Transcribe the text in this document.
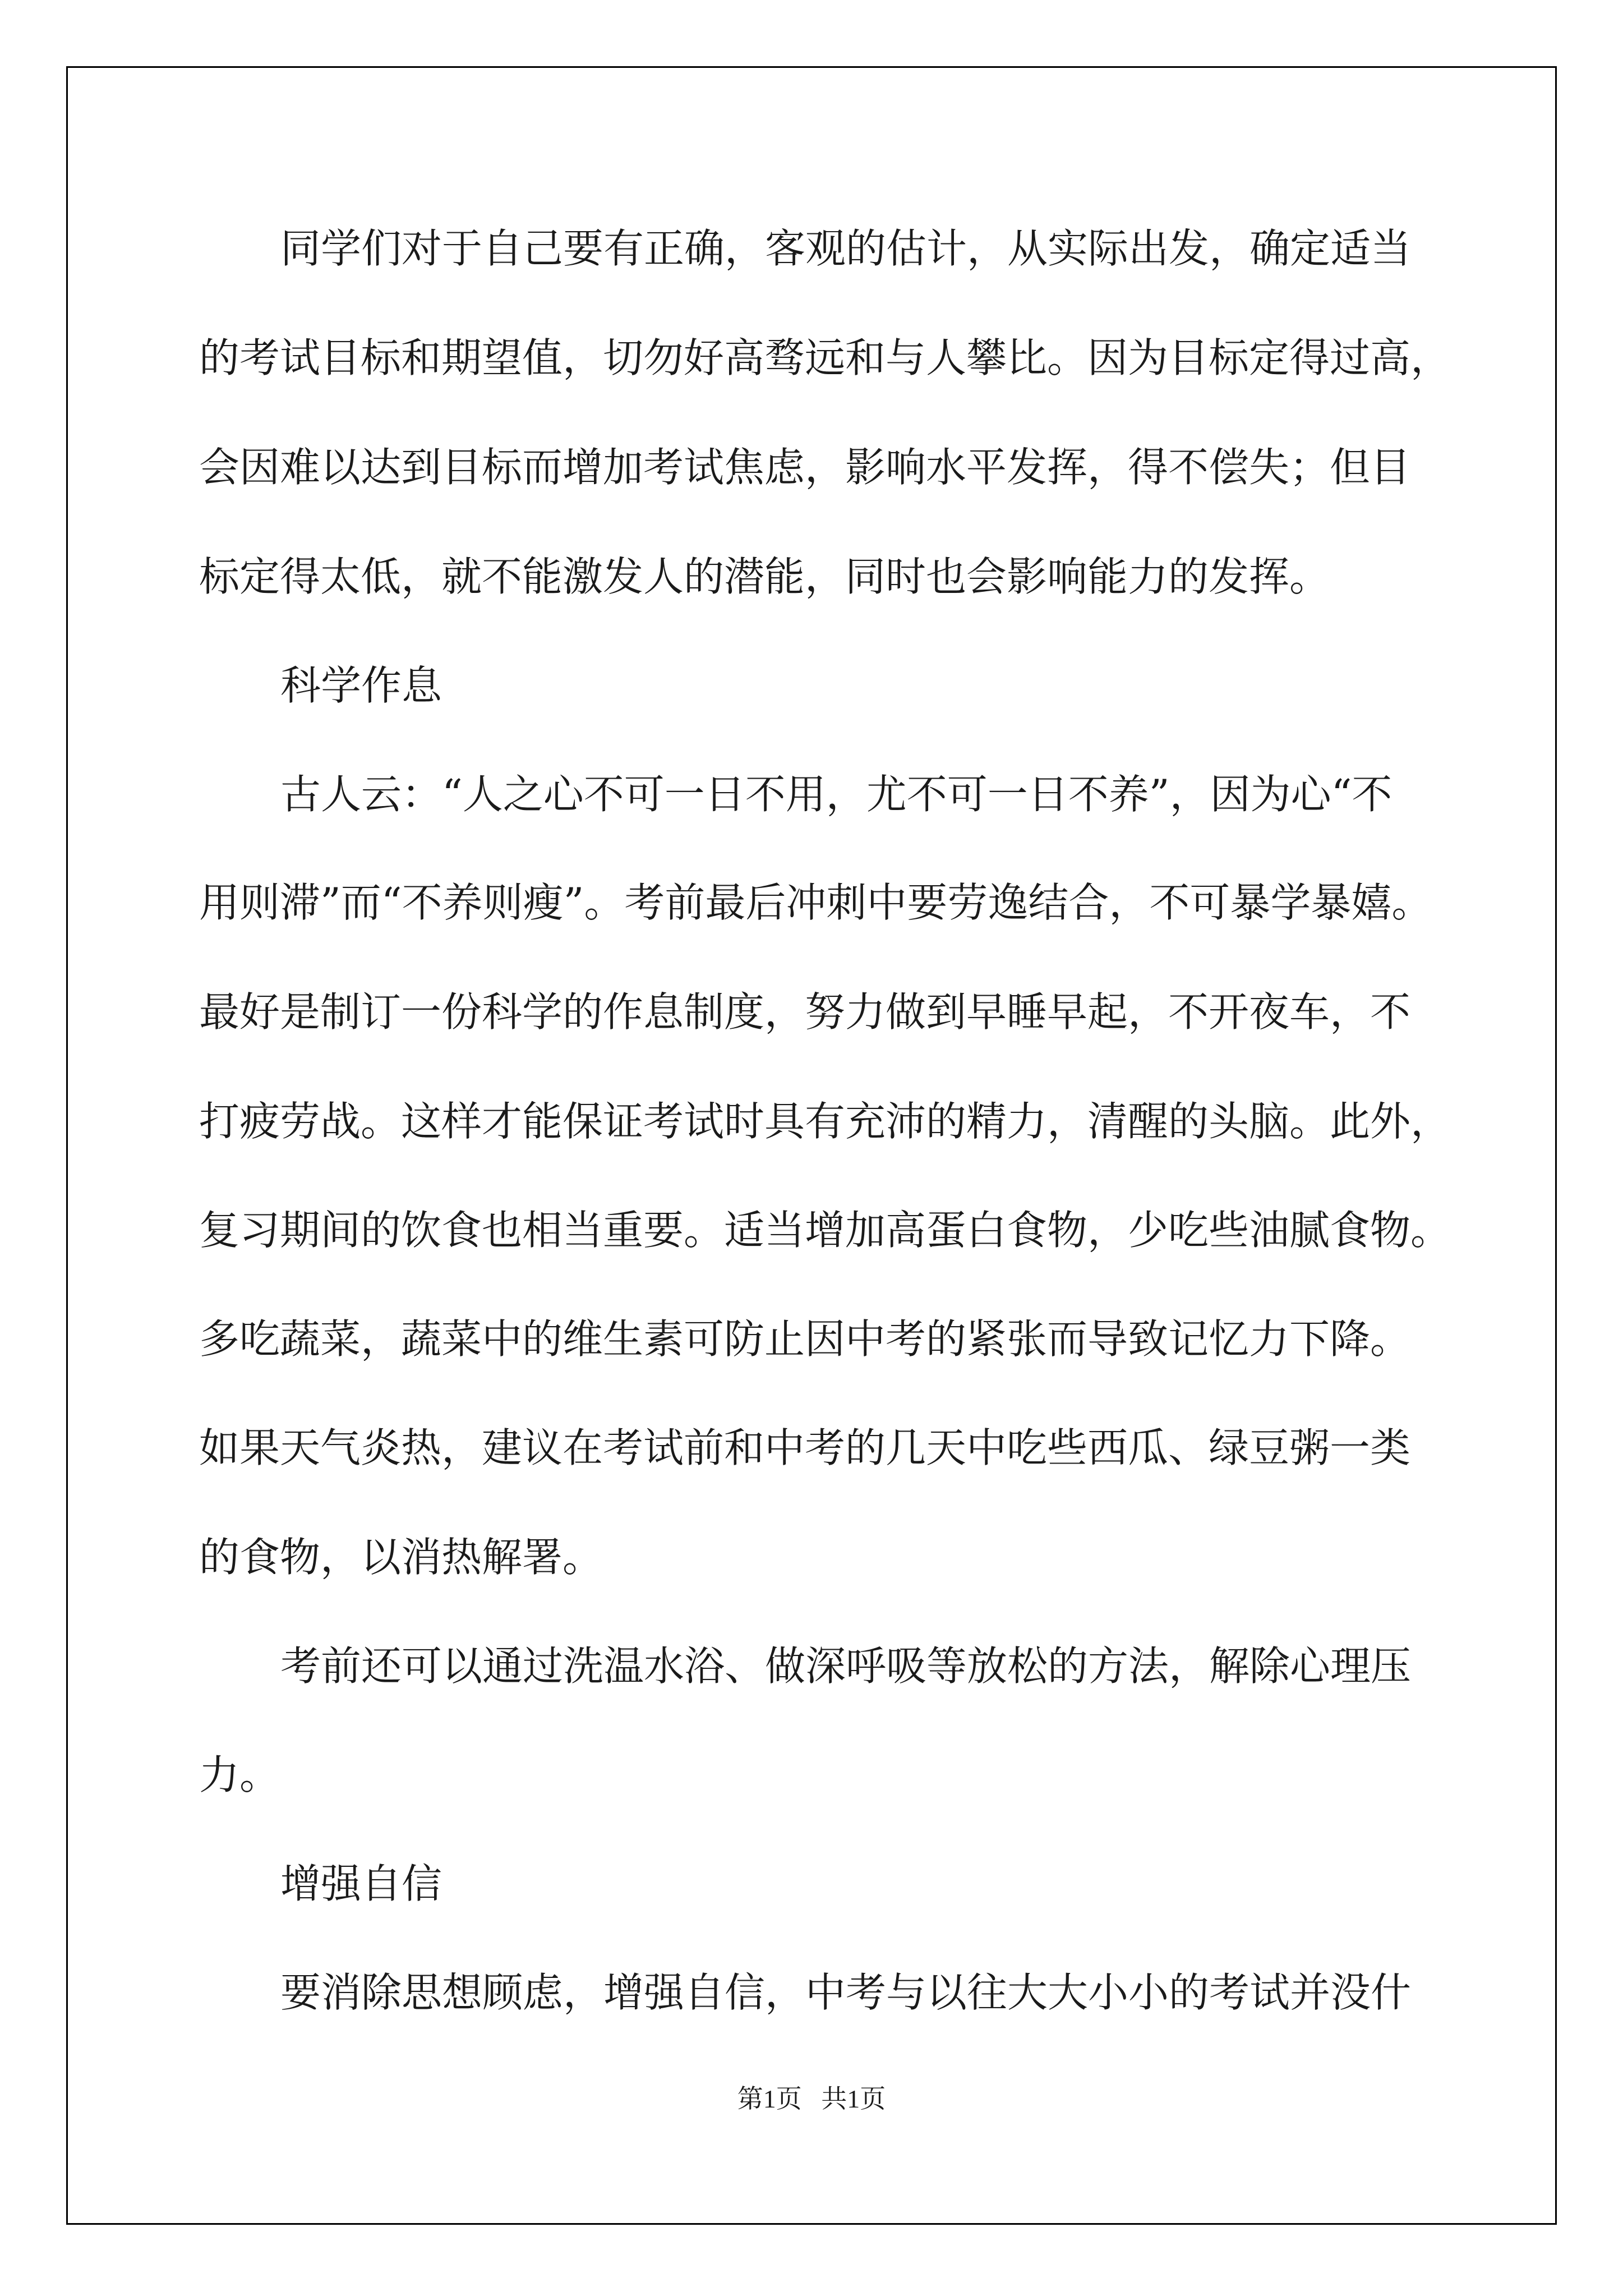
同学们对于自己要有正确，客观的估计，从实际出发，确定适当

的考试目标和期望值，切勿好高骛远和与人攀比。因为目标定得过高，

会因难以达到目标而增加考试焦虑，影响水平发挥，得不偿失；但目

标定得太低，就不能激发人的潜能，同时也会影响能力的发挥。

科学作息

古人云：“人之心不可一日不用，尤不可一日不养”，因为心“不

用则滞”而“不养则瘦”。考前最后冲刺中要劳逸结合，不可暴学暴嬉。

最好是制订一份科学的作息制度，努力做到早睡早起，不开夜车，不

打疲劳战。这样才能保证考试时具有充沛的精力，清醒的头脑。此外，

复习期间的饮食也相当重要。适当增加高蛋白食物，少吃些油腻食物。

多吃蔬菜，蔬菜中的维生素可防止因中考的紧张而导致记忆力下降。

如果天气炎热，建议在考试前和中考的几天中吃些西瓜、绿豆粥一类

的食物，以消热解署。

考前还可以通过洗温水浴、做深呼吸等放松的方法，解除心理压

力。

增强自信

要消除思想顾虑，增强自信，中考与以往大大小小的考试并没什

第1页   共1页
